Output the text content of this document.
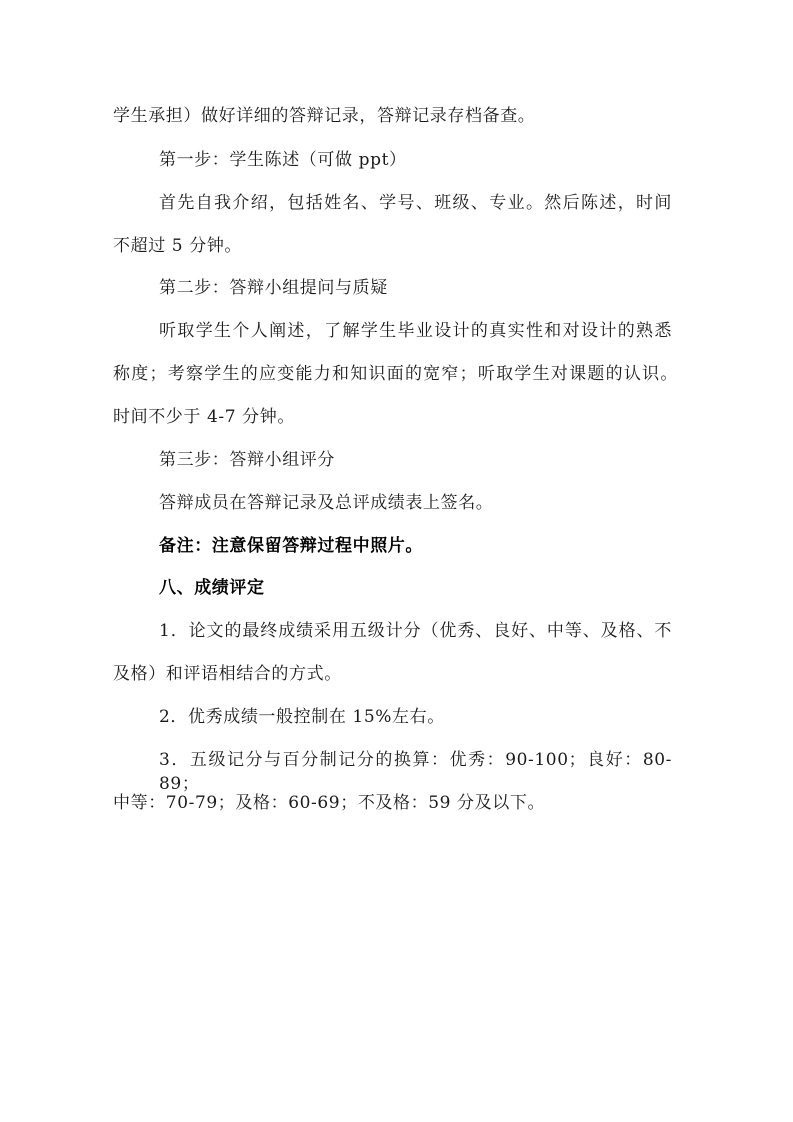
学生承担）做好详细的答辩记录，答辩记录存档备查。
第一步：学生陈述（可做 ppt）
首先自我介绍，包括姓名、学号、班级、专业。然后陈述，时间
不超过 5 分钟。
第二步：答辩小组提问与质疑
听取学生个人阐述，了解学生毕业设计的真实性和对设计的熟悉
称度；考察学生的应变能力和知识面的宽窄；听取学生对课题的认识。
时间不少于 4-7 分钟。
第三步：答辩小组评分
答辩成员在答辩记录及总评成绩表上签名。
备注：注意保留答辩过程中照片。
八、成绩评定
1．论文的最终成绩采用五级计分（优秀、良好、中等、及格、不
及格）和评语相结合的方式。
2．优秀成绩一般控制在 15%左右。
3．五级记分与百分制记分的换算：优秀：90-100；良好：80-89；
中等：70-79；及格：60-69；不及格：59 分及以下。
